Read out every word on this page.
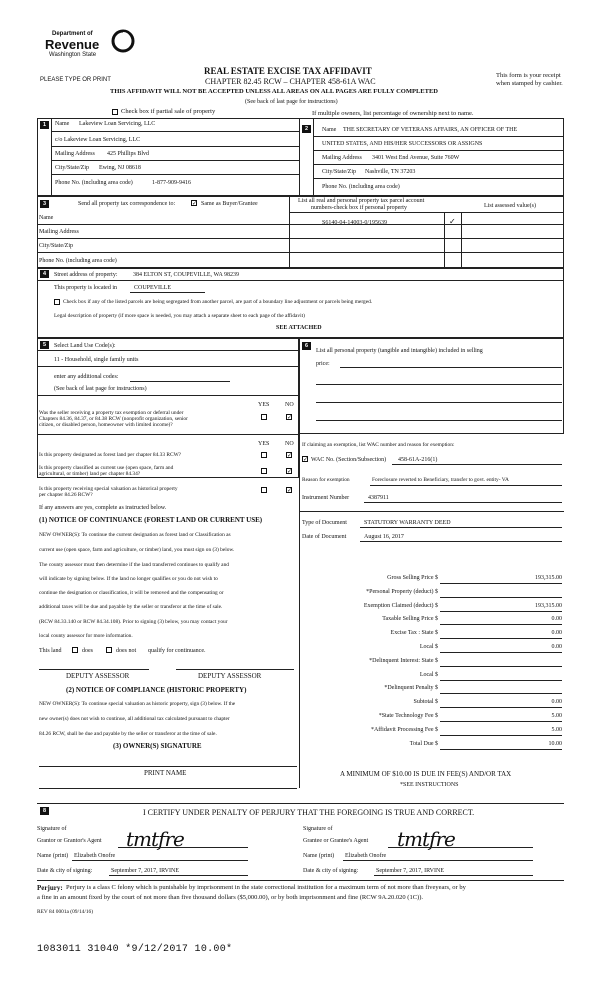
Department of
Revenue
Washington State
PLEASE TYPE OR PRINT
REAL ESTATE EXCISE TAX AFFIDAVIT
CHAPTER 82.45 RCW – CHAPTER 458-61A WAC
THIS AFFIDAVIT WILL NOT BE ACCEPTED UNLESS ALL AREAS ON ALL PAGES ARE FULLY COMPLETED
(See back of last page for instructions)
This form is your receipt
when stamped by cashier.
Check box if partial sale of property	If multiple owners, list percentage of ownership next to name.
1
2
Name Lakeview Loan Servicing, LLC
c/o Lakeview Loan Servicing, LLC
Mailing Address 425 Phillips Blvd
City/State/Zip Ewing, NJ 08618
Phone No. (including area code)	1-877-909-9416
Name THE SECRETARY OF VETERANS AFFAIRS, AN OFFICER OF THE
UNITED STATES, AND HIS/HER SUCCESSORS OR ASSIGNS
Mailing Address 3401 West End Avenue, Suite 760W
City/State/Zip Nashville, TN 37203
Phone No. (including area code)
3	Send all property tax correspondence to:	✓ Same as Buyer/Grantee	List all real and personal property tax parcel account
numbers-check box if personal property	List assessed value(s)
Name
S6140-04-14003-0/195639	✓
Mailing Address
City/State/Zip
Phone No. (including area code)
4	Street address of property:	384 ELTON ST, COUPEVILLE, WA 98239
This property is located in	COUPEVILLE
Check box if any of the listed parcels are being segregated from another parcel, are part of a boundary line adjustment or parcels being merged.
Legal description of property (if more space is needed, you may attach a separate sheet to each page of the affidavit)
SEE ATTACHED
5	Select Land Use Code(s):
11 - Household, single family units
enter any additional codes:
(See back of last page for instructions)
YES	NO
Was the seller receiving a property tax exemption or deferral under
Chapters 84.36, 84.37, or 84.38 RCW (nonprofit organization, senior
citizen, or disabled person, homeowner with limited income)?
✓
YES	NO
Is this property designated as forest land per chapter 84.33 RCW?	✓
Is this property classified as current use (open space, farm and
agricultural, or timber) land per chapter 84.34?	✓
Is this property receiving special valuation as historical property
per chapter 84.26 RCW?
✓
If any answers are yes, complete as instructed below.
(1) NOTICE OF CONTINUANCE (FOREST LAND OR CURRENT USE)
NEW OWNER(S): To continue the current designation as forest land or Classification as
current use (open space, farm and agriculture, or timber) land, you must sign on (3) below.
The county assessor must then determine if the land transferred continues to qualify and
will indicate by signing below. If the land no longer qualifies or you do not wish to
continue the designation or classification, it will be removed and the compensating or
additional taxes will be due and payable by the seller or transferor at the time of sale.
(RCW 84.33.140 or RCW 84.34.108). Prior to signing (3) below, you may contact your
local county assessor for more information.
This land	does	does not qualify for continuance.
DEPUTY ASSESSOR	DEPUTY ASSESSOR
(2) NOTICE OF COMPLIANCE (HISTORIC PROPERTY)
NEW OWNER(S): To continue special valuation as historic property, sign (3) below. If the
new owner(s) does not wish to continue, all additional tax calculated pursuant to chapter
84.26 RCW, shall be due and payable by the seller or transferor at the time of sale.
(3) OWNER(S) SIGNATURE
PRINT NAME
6
List all personal property (tangible and intangible) included in selling
price:
If claiming an exemption, list WAC number and reason for exemption:
✓ WAC No. (Section/Subsection) 458-61A-216(1)
Reason for exemption	Foreclosure reverted to Beneficiary, transfer to govt. entity- VA
Instrument Number	4387911
Type of Document	STATUTORY WARRANTY DEED
Date of Document	August 16, 2017
Gross Selling Price $	193,315.00
*Personal Property (deduct) $
Exemption Claimed (deduct) $	193,315.00
Taxable Selling Price $	0.00
Excise Tax : State $	0.00
Local $	0.00
*Delinquent Interest: State $
Local $
*Delinquent Penalty $
Subtotal $	0.00
*State Technology Fee $	5.00
*Affidavit Processing Fee $	5.00
Total Due $	10.00
A MINIMUM OF $10.00 IS DUE IN FEE(S) AND/OR TAX
*SEE INSTRUCTIONS
8	I CERTIFY UNDER PENALTY OF PERJURY THAT THE FOREGOING IS TRUE AND CORRECT.
Signature of
Grantor or Grantor's Agent tmtfre
Name (print) Elizabeth Onofre
Date & city of signing:	September 7, 2017, IRVINE
Signature of
Grantee or Grantee's Agent tmtfre
Name (print) Elizabeth Onofre
Date & city of signing:	September 7, 2017, IRVINE
Perjury: Perjury is a class C felony which is punishable by imprisonment in the state correctional institution for a maximum term of not more than fiveyears, or by
a fine in an amount fixed by the court of not more than five thousand dollars ($5,000.00), or by both imprisonment and fine (RCW 9A.20.020 (1C)).
REV 84 0001a (09/14/16)
1083011 31040 *9/12/2017 10.00*
